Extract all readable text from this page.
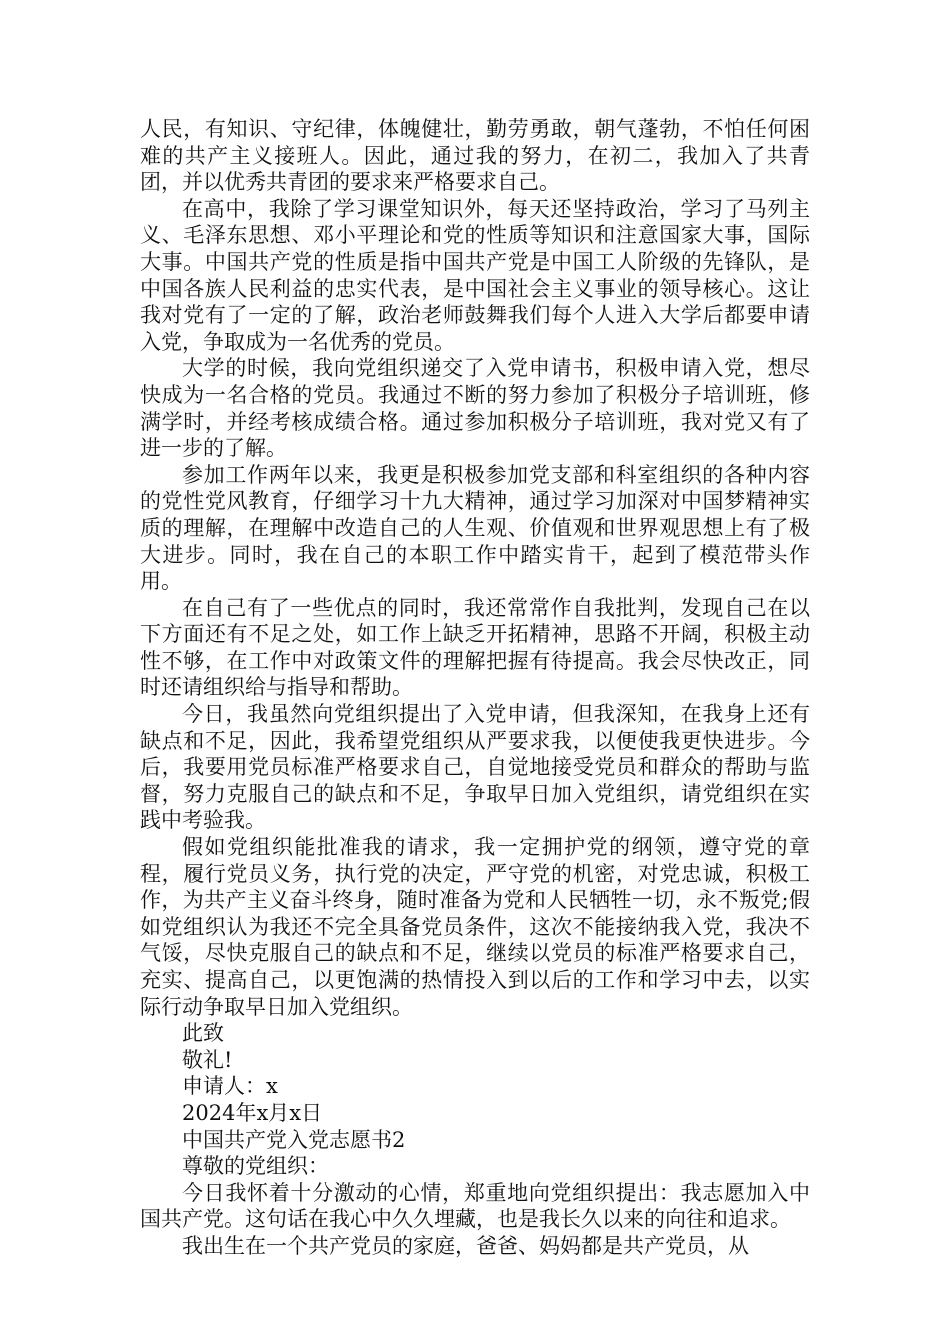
人民，有知识、守纪律，体魄健壮，勤劳勇敢，朝气蓬勃，不怕任何困难的共产主义接班人。因此，通过我的努力，在初二，我加入了共青团，并以优秀共青团的要求来严格要求自己。

在高中，我除了学习课堂知识外，每天还坚持政治，学习了马列主义、毛泽东思想、邓小平理论和党的性质等知识和注意国家大事，国际大事。中国共产党的性质是指中国共产党是中国工人阶级的先锋队，是中国各族人民利益的忠实代表，是中国社会主义事业的领导核心。这让我对党有了一定的了解，政治老师鼓舞我们每个人进入大学后都要申请入党，争取成为一名优秀的党员。

大学的时候，我向党组织递交了入党申请书，积极申请入党，想尽快成为一名合格的党员。我通过不断的努力参加了积极分子培训班，修满学时，并经考核成绩合格。通过参加积极分子培训班，我对党又有了进一步的了解。

参加工作两年以来，我更是积极参加党支部和科室组织的各种内容的党性党风教育，仔细学习十九大精神，通过学习加深对中国梦精神实质的理解，在理解中改造自己的人生观、价值观和世界观思想上有了极大进步。同时，我在自己的本职工作中踏实肯干，起到了模范带头作用。

在自己有了一些优点的同时，我还常常作自我批判，发现自己在以下方面还有不足之处，如工作上缺乏开拓精神，思路不开阔，积极主动性不够，在工作中对政策文件的理解把握有待提高。我会尽快改正，同时还请组织给与指导和帮助。

今日，我虽然向党组织提出了入党申请，但我深知，在我身上还有缺点和不足，因此，我希望党组织从严要求我，以便使我更快进步。今后，我要用党员标准严格要求自己，自觉地接受党员和群众的帮助与监督，努力克服自己的缺点和不足，争取早日加入党组织，请党组织在实践中考验我。

假如党组织能批准我的请求，我一定拥护党的纲领，遵守党的章程，履行党员义务，执行党的决定，严守党的机密，对党忠诚，积极工作，为共产主义奋斗终身，随时准备为党和人民牺牲一切，永不叛党;假如党组织认为我还不完全具备党员条件，这次不能接纳我入党，我决不气馁，尽快克服自己的缺点和不足，继续以党员的标准严格要求自己，充实、提高自己，以更饱满的热情投入到以后的工作和学习中去，以实际行动争取早日加入党组织。

此致

敬礼!

申请人：x

2024年x月x日

中国共产党入党志愿书2

尊敬的党组织：

今日我怀着十分激动的心情，郑重地向党组织提出：我志愿加入中国共产党。这句话在我心中久久埋藏，也是我长久以来的向往和追求。

我出生在一个共产党员的家庭，爸爸、妈妈都是共产党员，从
